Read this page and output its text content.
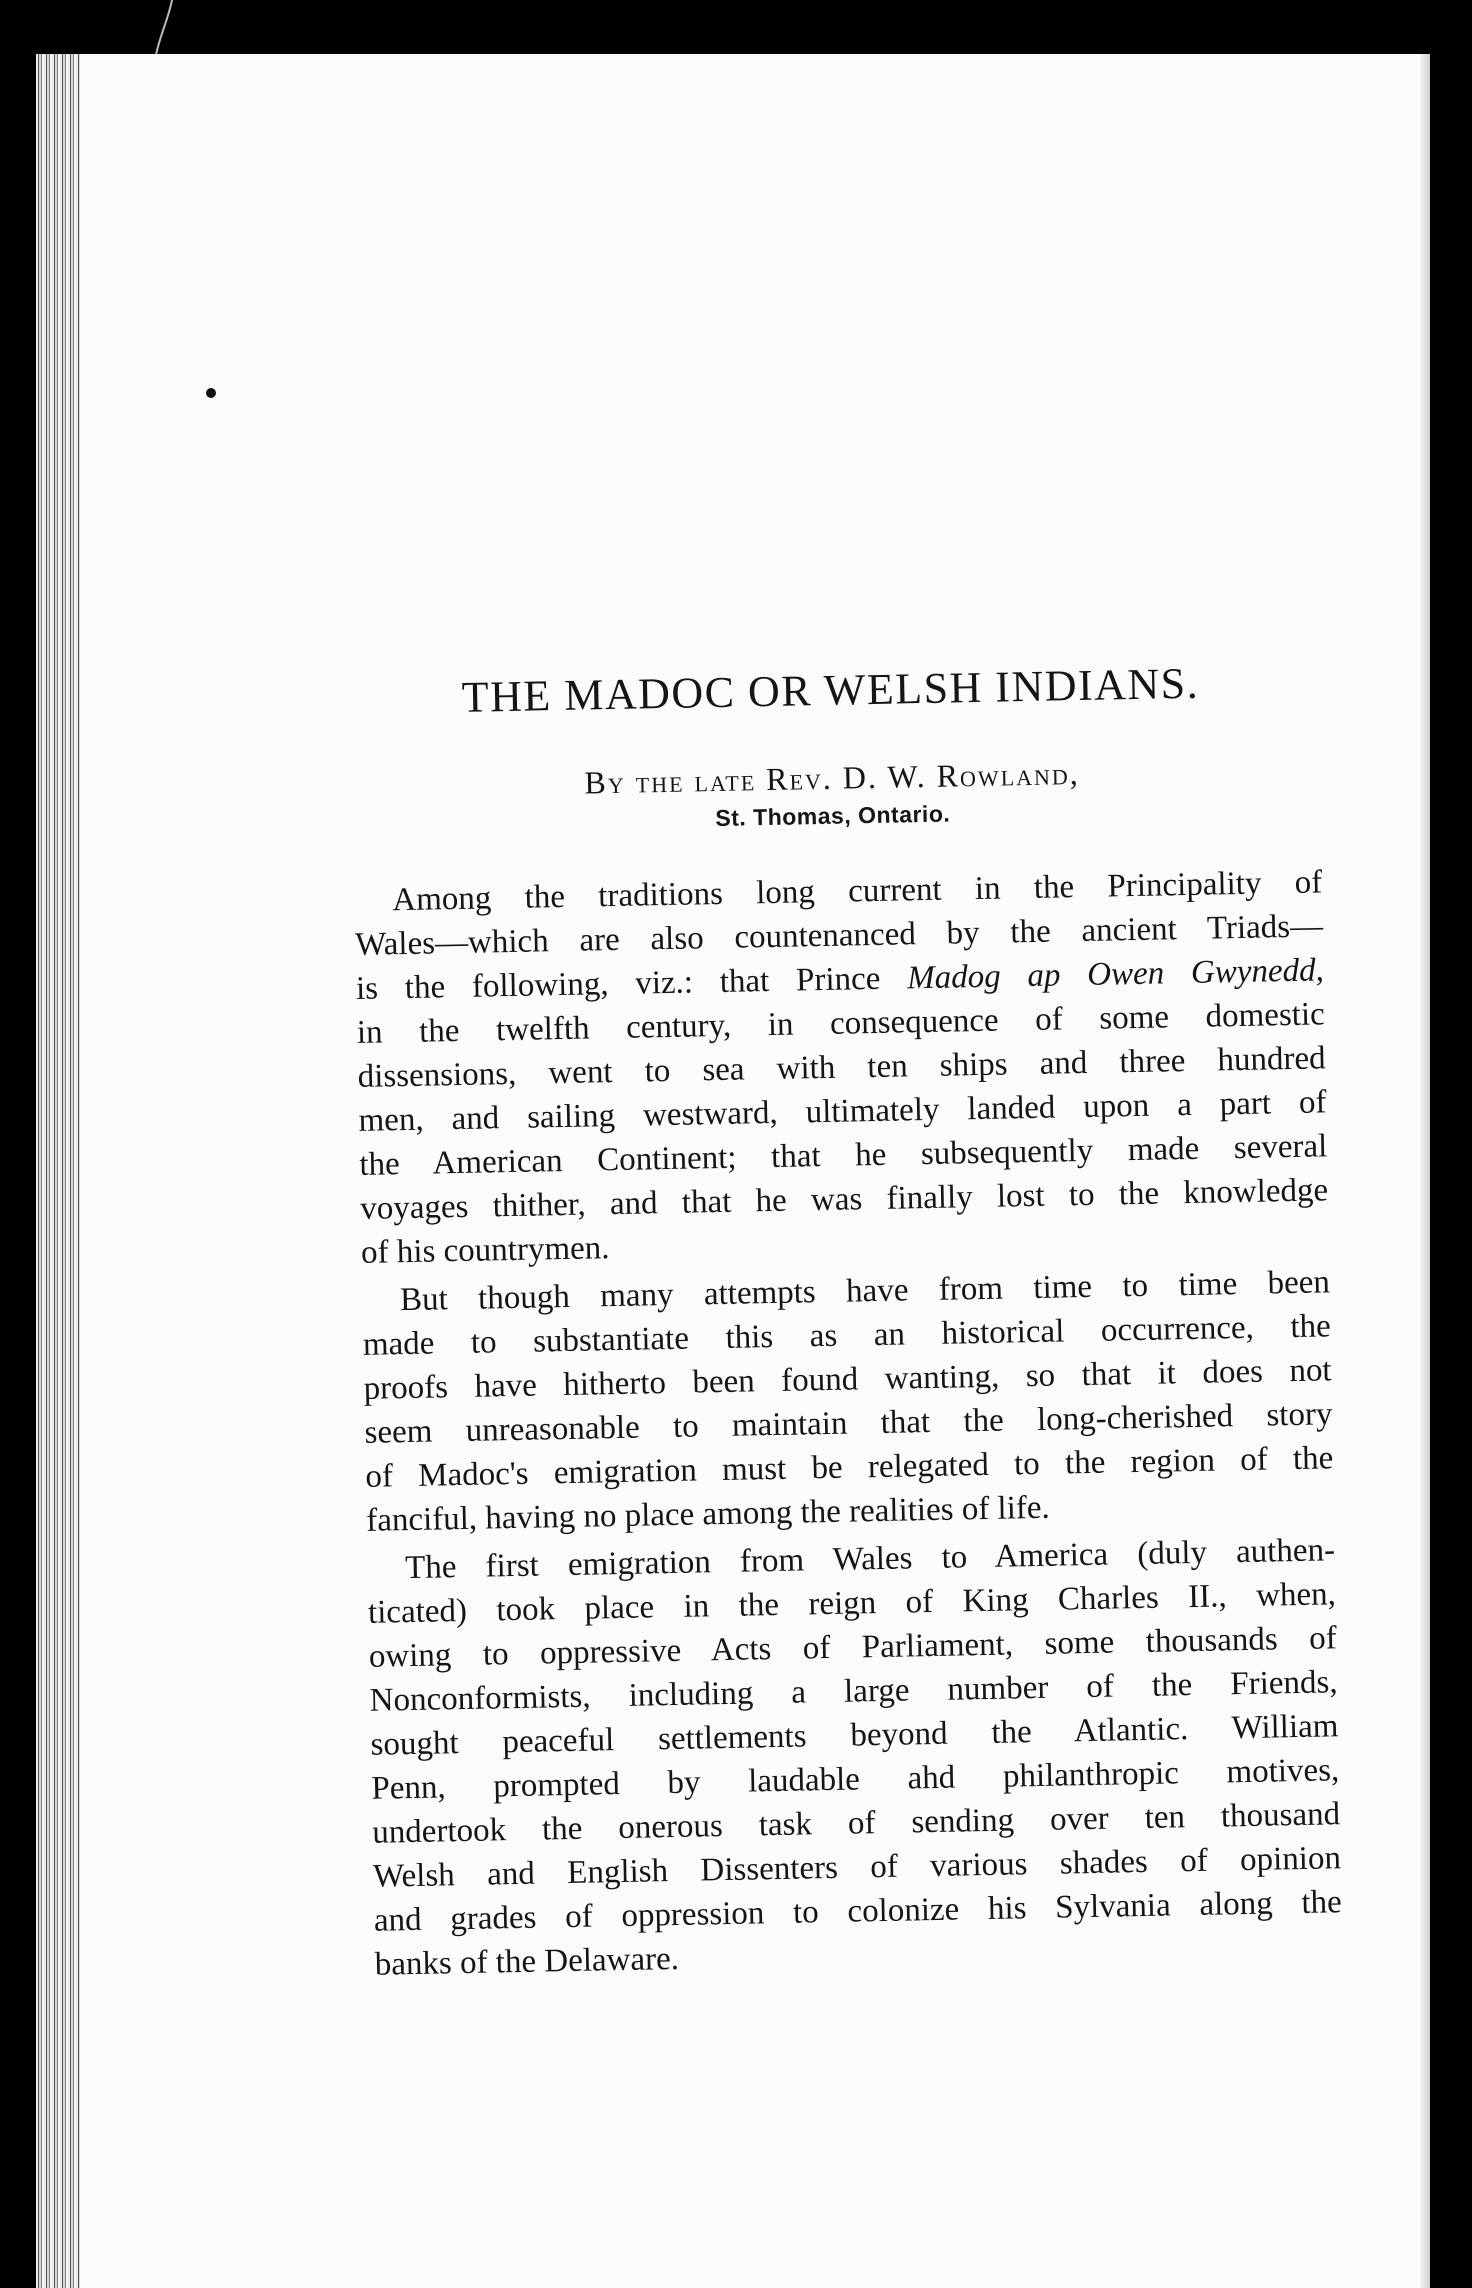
THE MADOC OR WELSH INDIANS.

By the late Rev. D. W. Rowland,

St. Thomas, Ontario.

Among the traditions long current in the Principality of
Wales—which are also countenanced by the ancient Triads—
is the following, viz.: that Prince Madog ap Owen Gwynedd,
in the twelfth century, in consequence of some domestic
dissensions, went to sea with ten ships and three hundred
men, and sailing westward, ultimately landed upon a part of
the American Continent; that he subsequently made several
voyages thither, and that he was finally lost to the knowledge
of his countrymen.
But though many attempts have from time to time been
made to substantiate this as an historical occurrence, the
proofs have hitherto been found wanting, so that it does not
seem unreasonable to maintain that the long-cherished story
of Madoc's emigration must be relegated to the region of the
fanciful, having no place among the realities of life.
The first emigration from Wales to America (duly authen-
ticated) took place in the reign of King Charles II., when,
owing to oppressive Acts of Parliament, some thousands of
Nonconformists, including a large number of the Friends,
sought peaceful settlements beyond the Atlantic. William
Penn, prompted by laudable ahd philanthropic motives,
undertook the onerous task of sending over ten thousand
Welsh and English Dissenters of various shades of opinion
and grades of oppression to colonize his Sylvania along the
banks of the Delaware.
